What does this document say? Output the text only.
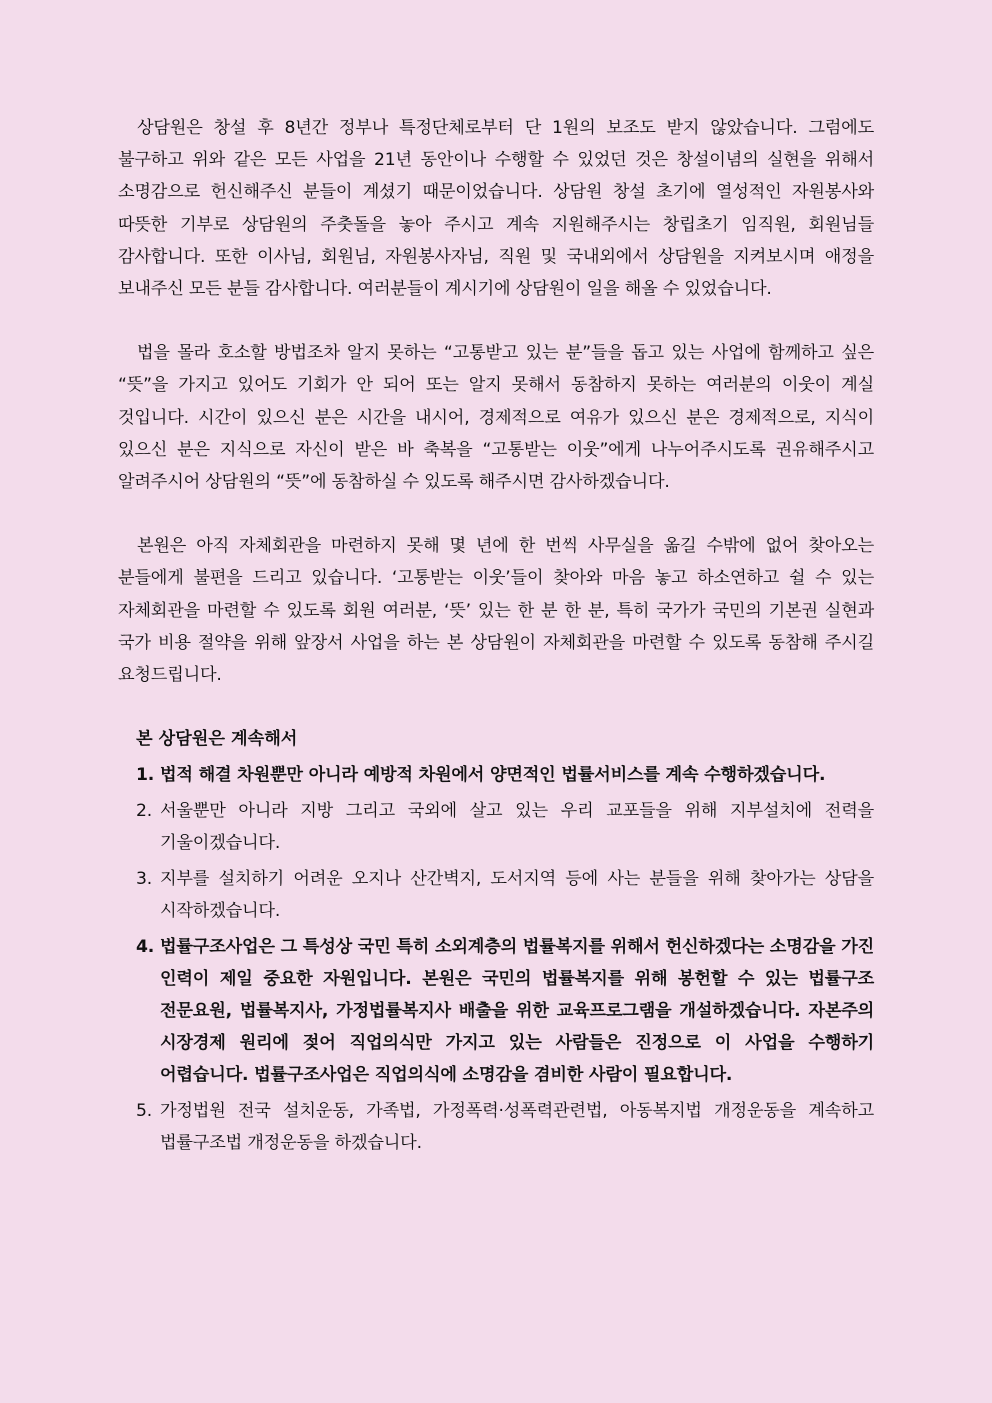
상담원은 창설 후 8년간 정부나 특정단체로부터 단 1원의 보조도 받지 않았습니다. 그럼에도 불구하고 위와 같은 모든 사업을 21년 동안이나 수행할 수 있었던 것은 창설이념의 실현을 위해서 소명감으로 헌신해주신 분들이 계셨기 때문이었습니다. 상담원 창설 초기에 열성적인 자원봉사와 따뜻한 기부로 상담원의 주춧돌을 놓아 주시고 계속 지원해주시는 창립초기 임직원, 회원님들 감사합니다. 또한 이사님, 회원님, 자원봉사자님, 직원 및 국내외에서 상담원을 지켜보시며 애정을 보내주신 모든 분들 감사합니다. 여러분들이 계시기에 상담원이 일을 해올 수 있었습니다.

법을 몰라 호소할 방법조차 알지 못하는 “고통받고 있는 분”들을 돕고 있는 사업에 함께하고 싶은 “뜻”을 가지고 있어도 기회가 안 되어 또는 알지 못해서 동참하지 못하는 여러분의 이웃이 계실 것입니다. 시간이 있으신 분은 시간을 내시어, 경제적으로 여유가 있으신 분은 경제적으로, 지식이 있으신 분은 지식으로 자신이 받은 바 축복을 “고통받는 이웃”에게 나누어주시도록 권유해주시고 알려주시어 상담원의 “뜻”에 동참하실 수 있도록 해주시면 감사하겠습니다.

본원은 아직 자체회관을 마련하지 못해 몇 년에 한 번씩 사무실을 옮길 수밖에 없어 찾아오는 분들에게 불편을 드리고 있습니다. ‘고통받는 이웃’들이 찾아와 마음 놓고 하소연하고 쉴 수 있는 자체회관을 마련할 수 있도록 회원 여러분, ‘뜻’ 있는 한 분 한 분, 특히 국가가 국민의 기본권 실현과 국가 비용 절약을 위해 앞장서 사업을 하는 본 상담원이 자체회관을 마련할 수 있도록 동참해 주시길 요청드립니다.

본 상담원은 계속해서
1. 법적 해결 차원뿐만 아니라 예방적 차원에서 양면적인 법률서비스를 계속 수행하겠습니다.
2. 서울뿐만 아니라 지방 그리고 국외에 살고 있는 우리 교포들을 위해 지부설치에 전력을 기울이겠습니다.
3. 지부를 설치하기 어려운 오지나 산간벽지, 도서지역 등에 사는 분들을 위해 찾아가는 상담을 시작하겠습니다.
4. 법률구조사업은 그 특성상 국민 특히 소외계층의 법률복지를 위해서 헌신하겠다는 소명감을 가진 인력이 제일 중요한 자원입니다. 본원은 국민의 법률복지를 위해 봉헌할 수 있는 법률구조 전문요원, 법률복지사, 가정법률복지사 배출을 위한 교육프로그램을 개설하겠습니다. 자본주의 시장경제 원리에 젖어 직업의식만 가지고 있는 사람들은 진정으로 이 사업을 수행하기 어렵습니다. 법률구조사업은 직업의식에 소명감을 겸비한 사람이 필요합니다.
5. 가정법원 전국 설치운동, 가족법, 가정폭력·성폭력관련법, 아동복지법 개정운동을 계속하고 법률구조법 개정운동을 하겠습니다.
